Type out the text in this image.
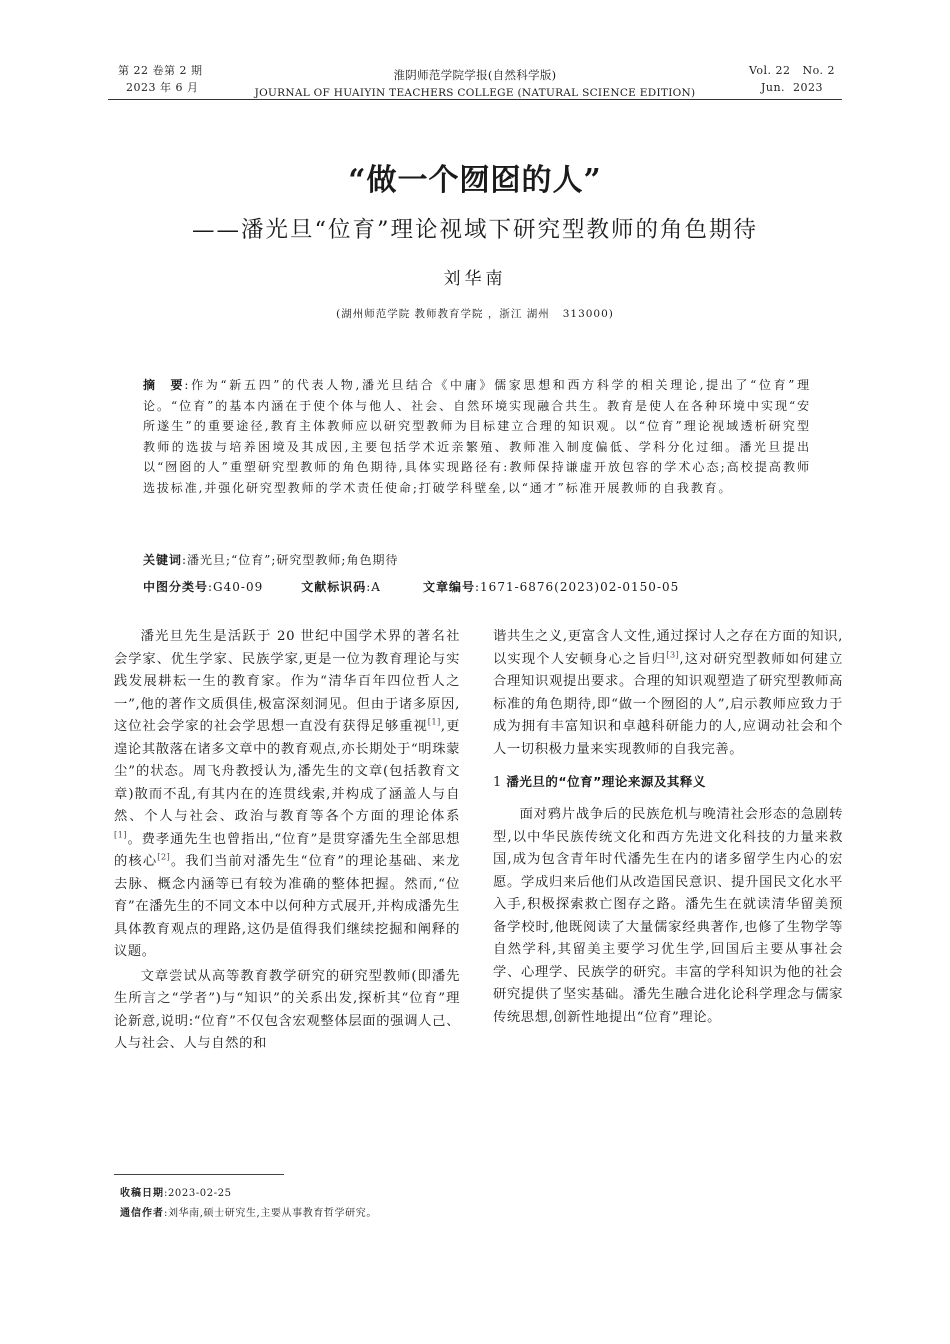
第 22 卷第 2 期
2023 年 6 月
淮阴师范学院学报(自然科学版)
JOURNAL OF HUAIYIN TEACHERS COLLEGE (NATURAL SCIENCE EDITION)
Vol. 22   No. 2
Jun.  2023
“做一个囫囵的人”
——潘光旦“位育”理论视域下研究型教师的角色期待
刘华南
(湖州师范学院 教师教育学院 ，浙江 湖州   313000)
摘　要:作为“新五四”的代表人物,潘光旦结合《中庸》儒家思想和西方科学的相关理论,提出了“位育”理论。“位育”的基本内涵在于使个体与他人、社会、自然环境实现融合共生。教育是使人在各种环境中实现“安所遂生”的重要途径,教育主体教师应以研究型教师为目标建立合理的知识观。以“位育”理论视域透析研究型教师的选拔与培养困境及其成因,主要包括学术近亲繁殖、教师准入制度偏低、学科分化过细。潘光旦提出以“囫囵的人”重塑研究型教师的角色期待,具体实现路径有:教师保持谦虚开放包容的学术心态;高校提高教师选拔标准,并强化研究型教师的学术责任使命;打破学科壁垒,以“通才”标准开展教师的自我教育。
关键词:潘光旦;“位育”;研究型教师;角色期待
中图分类号:G40-09	文献标识码:A	文章编号:1671-6876(2023)02-0150-05

潘光旦先生是活跃于 20 世纪中国学术界的著名社会学家、优生学家、民族学家,更是一位为教育理论与实践发展耕耘一生的教育家。作为“清华百年四位哲人之一”,他的著作文质俱佳,极富深刻洞见。但由于诸多原因,这位社会学家的社会学思想一直没有获得足够重视[1],更遑论其散落在诸多文章中的教育观点,亦长期处于“明珠蒙尘”的状态。周飞舟教授认为,潘先生的文章(包括教育文章)散而不乱,有其内在的连贯线索,并构成了涵盖人与自然、个人与社会、政治与教育等各个方面的理论体系[1]。费孝通先生也曾指出,“位育”是贯穿潘先生全部思想的核心[2]。我们当前对潘先生“位育”的理论基础、来龙去脉、概念内涵等已有较为准确的整体把握。然而,“位育”在潘先生的不同文本中以何种方式展开,并构成潘先生具体教育观点的理路,这仍是值得我们继续挖掘和阐释的议题。

文章尝试从高等教育教学研究的研究型教师(即潘先生所言之“学者”)与“知识”的关系出发,探析其“位育”理论新意,说明:“位育”不仅包含宏观整体层面的强调人己、人与社会、人与自然的和

谐共生之义,更富含人文性,通过探讨人之存在方面的知识,以实现个人安顿身心之旨归[3],这对研究型教师如何建立合理知识观提出要求。合理的知识观塑造了研究型教师高标准的角色期待,即“做一个囫囵的人”,启示教师应致力于成为拥有丰富知识和卓越科研能力的人,应调动社会和个人一切积极力量来实现教师的自我完善。

1 潘光旦的“位育”理论来源及其释义

面对鸦片战争后的民族危机与晚清社会形态的急剧转型,以中华民族传统文化和西方先进文化科技的力量来救国,成为包含青年时代潘先生在内的诸多留学生内心的宏愿。学成归来后他们从改造国民意识、提升国民文化水平入手,积极探索救亡图存之路。潘先生在就读清华留美预备学校时,他既阅读了大量儒家经典著作,也修了生物学等自然学科,其留美主要学习优生学,回国后主要从事社会学、心理学、民族学的研究。丰富的学科知识为他的社会研究提供了坚实基础。潘先生融合进化论科学理念与儒家传统思想,创新性地提出“位育”理论。

收稿日期:2023-02-25
通信作者:刘华南,硕士研究生,主要从事教育哲学研究。
